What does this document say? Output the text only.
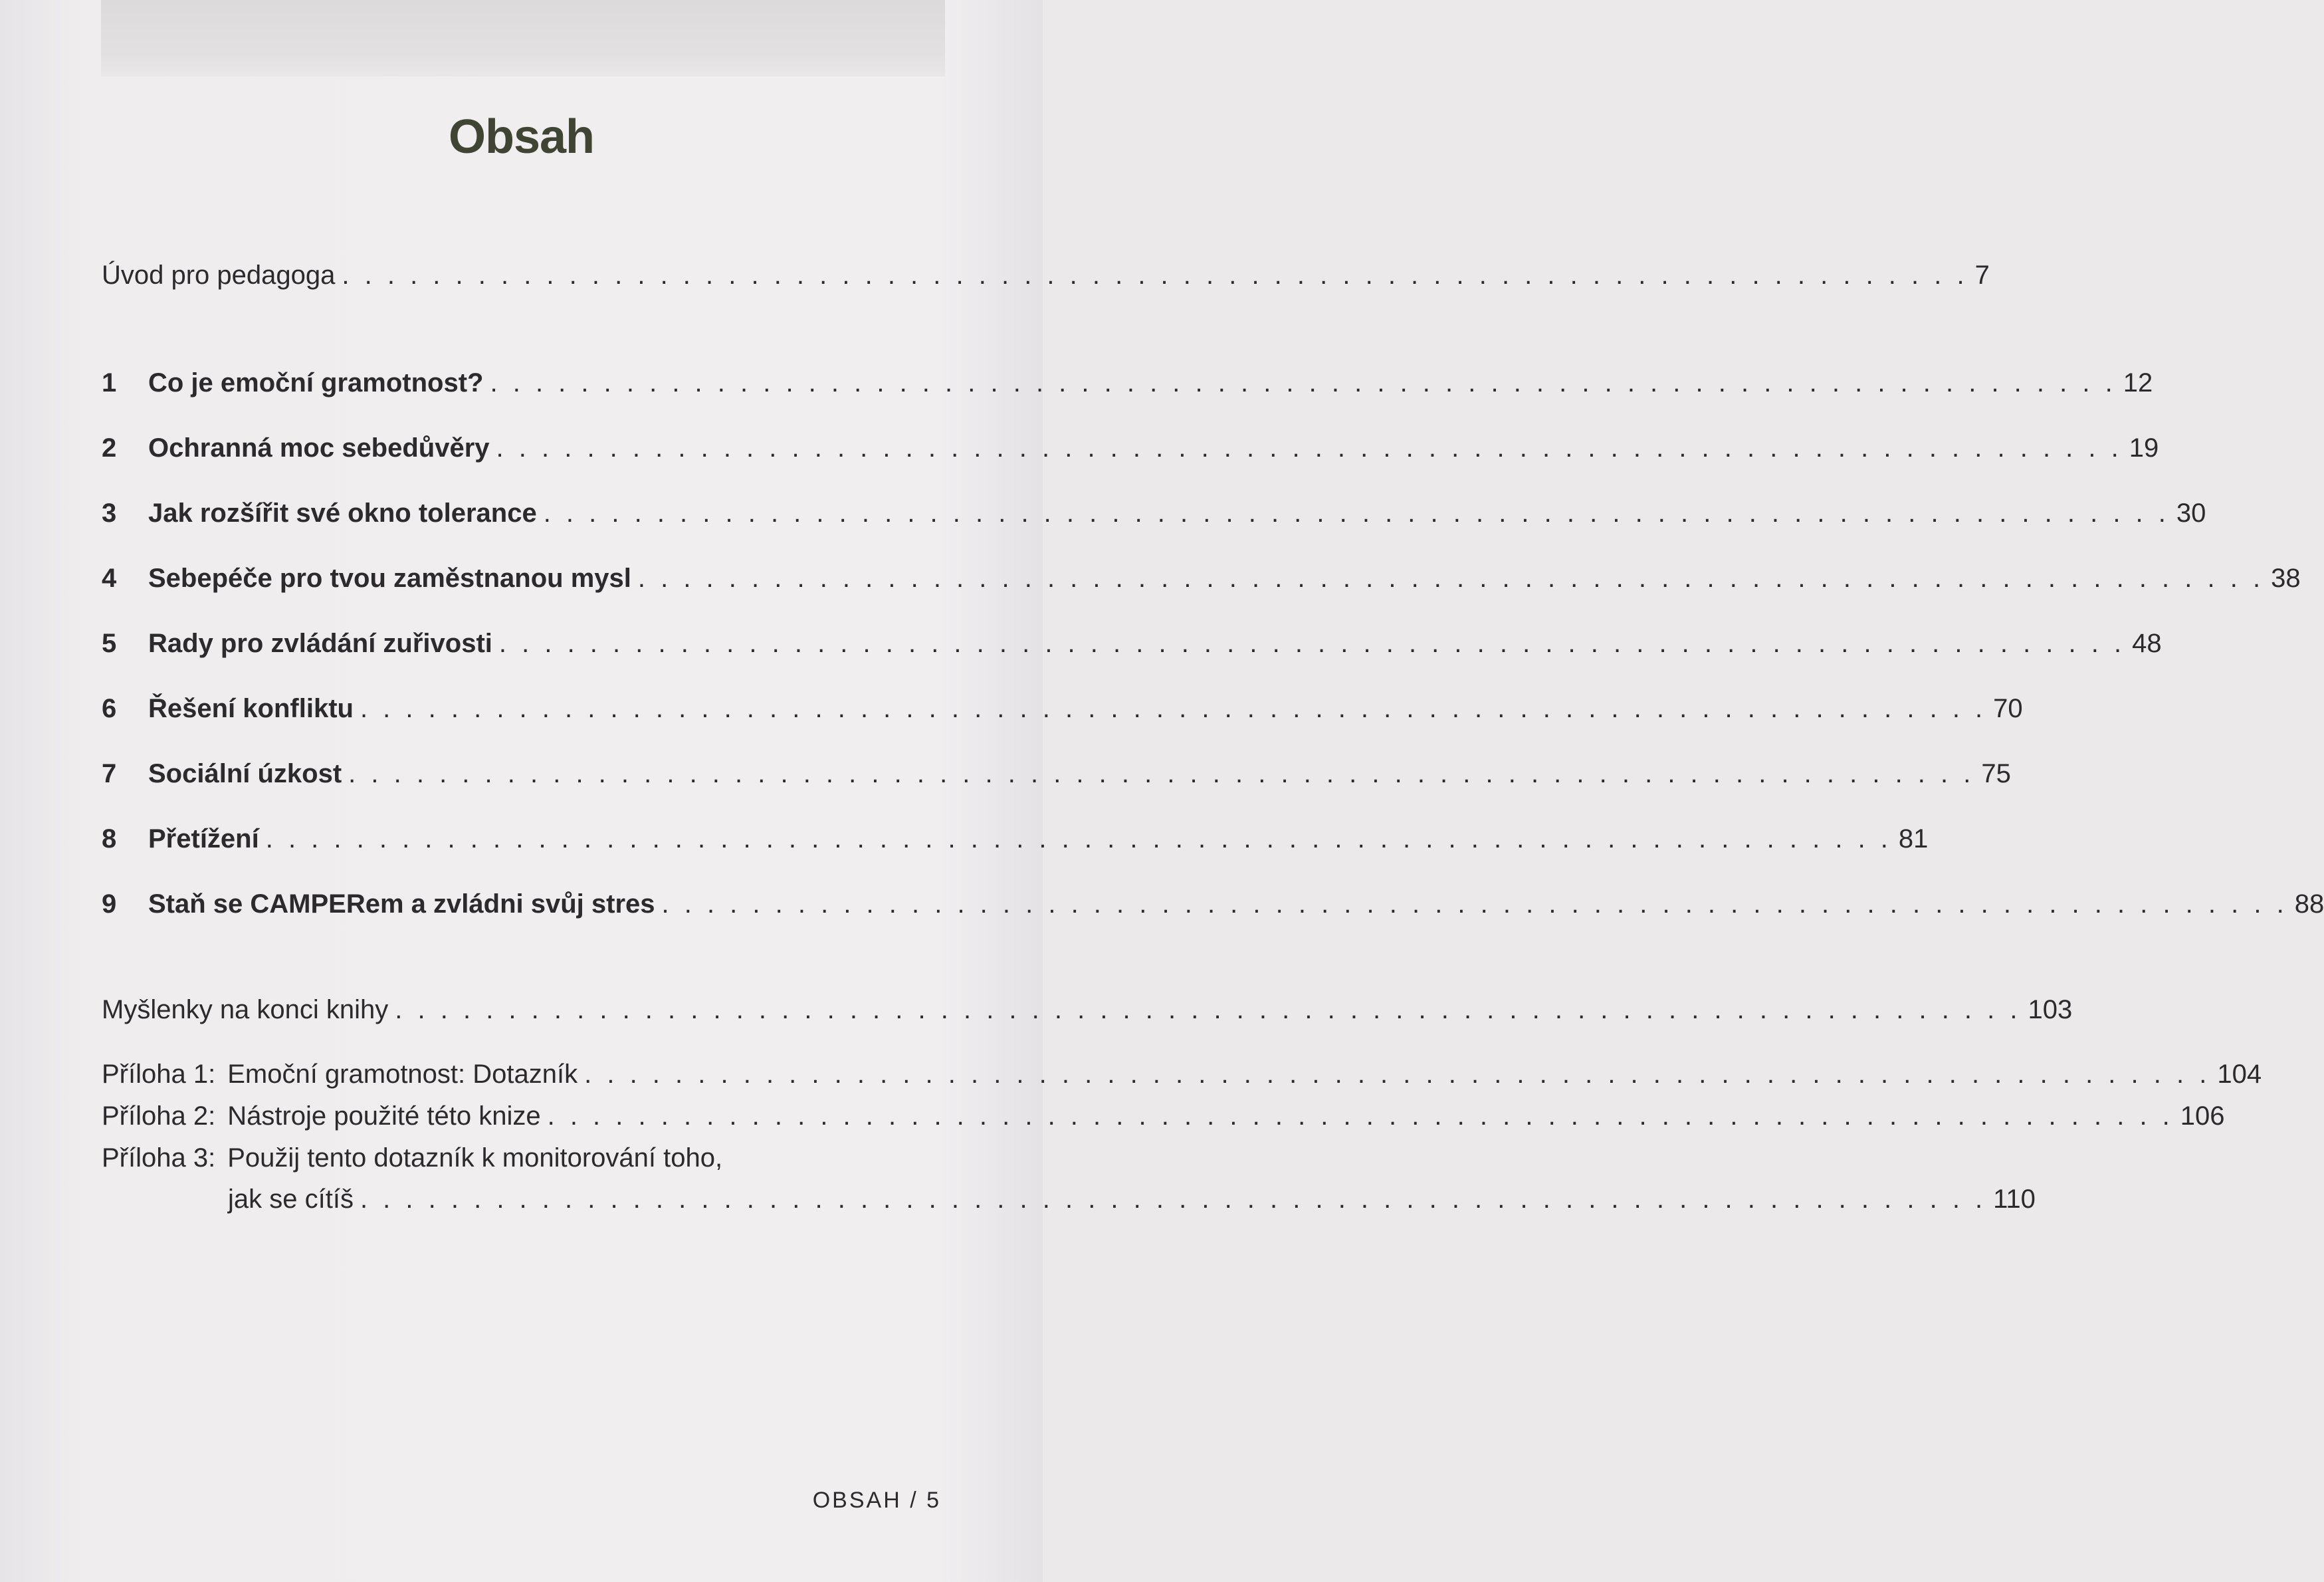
Obsah
Úvod pro pedagoga . . .	7
1	Co je emoční gramotnost? . . .	12
2	Ochranná moc sebedůvěry . . .	19
3	Jak rozšířit své okno tolerance . . .	30
4	Sebepéče pro tvou zaměstnanou mysl . . .	38
5	Rady pro zvládání zuřivosti . . .	48
6	Řešení konfliktu . . .	70
7	Sociální úzkost . . .	75
8	Přetížení . . .	81
9	Staň se CAMPERem a zvládni svůj stres . . .	88
Myšlenky na konci knihy . . .	103
Příloha 1: Emoční gramotnost: Dotazník . . .	104
Příloha 2: Nástroje použité této knize . . .	106
Příloha 3: Použij tento dotazník k monitorování toho,
jak se cítíš . . .	110
OBSAH / 5
